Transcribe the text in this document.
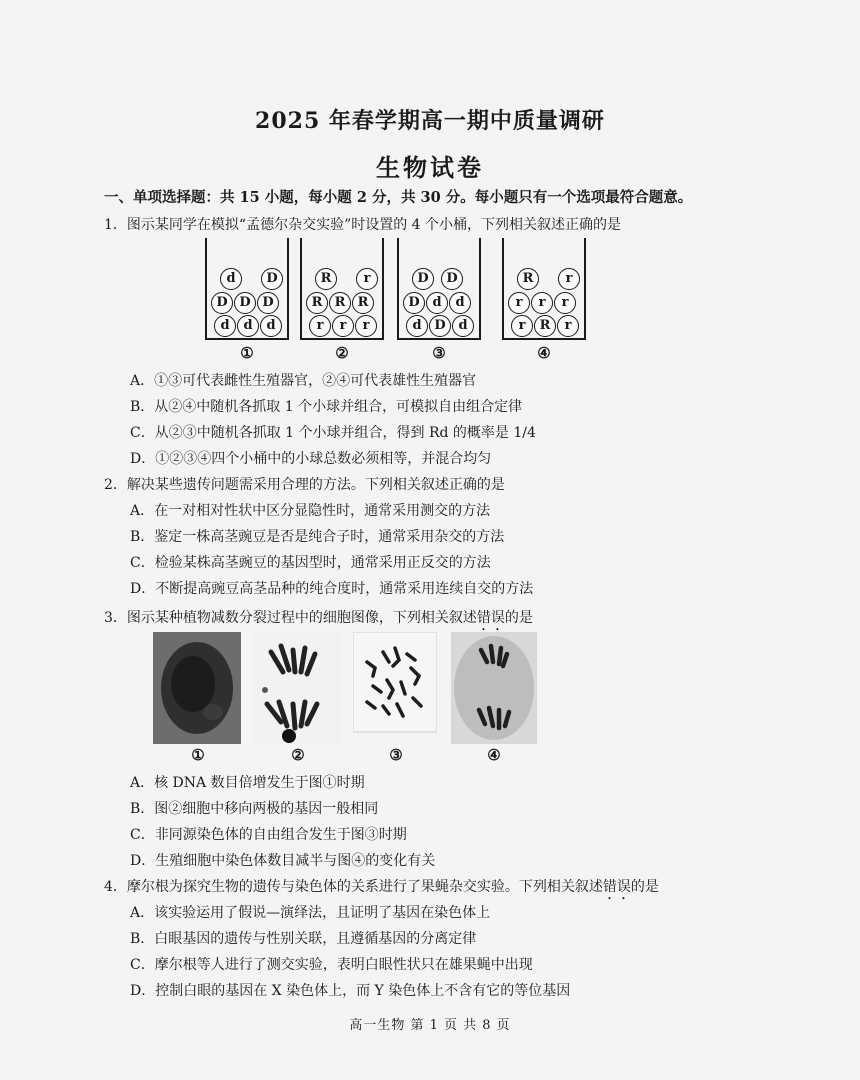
2025 年春学期高一期中质量调研
生物试卷
一、单项选择题：共 15 小题，每小题 2 分，共 30 分。每小题只有一个选项最符合题意。
1．图示某同学在模拟“孟德尔杂交实验”时设置的 4 个小桶，下列相关叙述正确的是
d	D
D D D
d	d	d
①
R	r
R R R
r	r	r
②
D	D
D d	d
d D d
③
R	r
r	r	r
r	R	r
④
A．①③可代表雌性生殖器官，②④可代表雄性生殖器官
B．从②④中随机各抓取 1 个小球并组合，可模拟自由组合定律
C．从②③中随机各抓取 1 个小球并组合，得到 Rd 的概率是 1/4
D．①②③④四个小桶中的小球总数必须相等，并混合均匀
2．解决某些遗传问题需采用合理的方法。下列相关叙述正确的是
A．在一对相对性状中区分显隐性时，通常采用测交的方法
B．鉴定一株高茎豌豆是否是纯合子时，通常采用杂交的方法
C．检验某株高茎豌豆的基因型时，通常采用正反交的方法
D．不断提高豌豆高茎品种的纯合度时，通常采用连续自交的方法
3．图示某种植物减数分裂过程中的细胞图像，下列相关叙述错误的是
①	②	③	④
A．核 DNA 数目倍增发生于图①时期
B．图②细胞中移向两极的基因一般相同
C．非同源染色体的自由组合发生于图③时期
D．生殖细胞中染色体数目减半与图④的变化有关
4．摩尔根为探究生物的遗传与染色体的关系进行了果蝇杂交实验。下列相关叙述错误的是
A．该实验运用了假说—演绎法，且证明了基因在染色体上
B．白眼基因的遗传与性别关联，且遵循基因的分离定律
C．摩尔根等人进行了测交实验，表明白眼性状只在雄果蝇中出现
D．控制白眼的基因在 X 染色体上，而 Y 染色体上不含有它的等位基因
高一生物 第 1 页 共 8 页
